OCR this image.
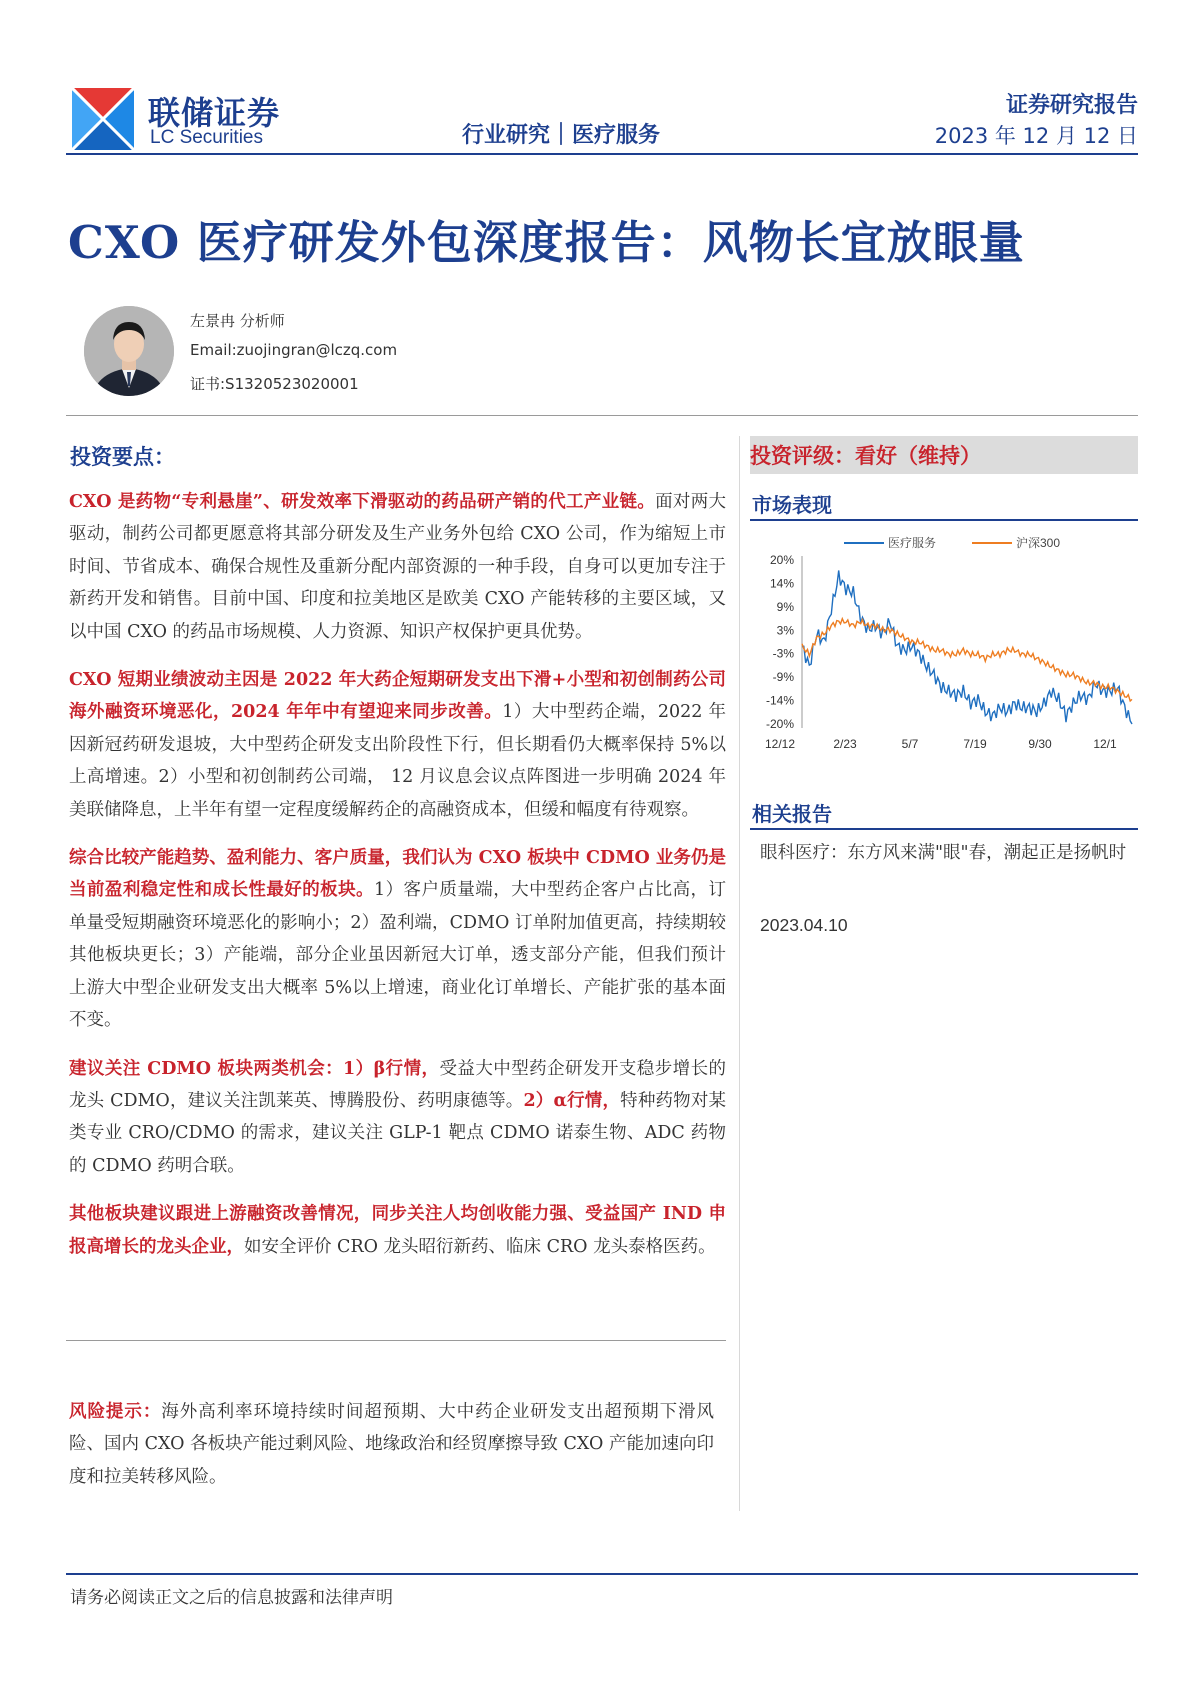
联储证券
LC Securities	行业研究｜医疗服务
证券研究报告
2023 年 12 月 12 日
CXO 医疗研发外包深度报告：风物长宜放眼量
左景冉 分析师
Email:zuojingran@lczq.com
证书:S1320523020001
投资要点：

CXO 是药物“专利悬崖”、研发效率下滑驱动的药品研产销的代工产业链。面对两大驱动，制药公司都更愿意将其部分研发及生产业务外包给 CXO 公司，作为缩短上市时间、节省成本、确保合规性及重新分配内部资源的一种手段，自身可以更加专注于新药开发和销售。目前中国、印度和拉美地区是欧美 CXO 产能转移的主要区域，又以中国 CXO 的药品市场规模、人力资源、知识产权保护更具优势。

CXO 短期业绩波动主因是 2022 年大药企短期研发支出下滑+小型和初创制药公司海外融资环境恶化，2024 年年中有望迎来同步改善。1）大中型药企端，2022 年因新冠药研发退坡，大中型药企研发支出阶段性下行，但长期看仍大概率保持 5%以上高增速。2）小型和初创制药公司端， 12 月议息会议点阵图进一步明确 2024 年美联储降息，上半年有望一定程度缓解药企的高融资成本，但缓和幅度有待观察。

综合比较产能趋势、盈利能力、客户质量，我们认为 CXO 板块中 CDMO 业务仍是当前盈利稳定性和成长性最好的板块。1）客户质量端，大中型药企客户占比高，订单量受短期融资环境恶化的影响小；2）盈利端，CDMO 订单附加值更高，持续期较其他板块更长；3）产能端，部分企业虽因新冠大订单，透支部分产能，但我们预计上游大中型企业研发支出大概率 5%以上增速，商业化订单增长、产能扩张的基本面不变。

建议关注 CDMO 板块两类机会：1）β行情，受益大中型药企研发开支稳步增长的龙头 CDMO，建议关注凯莱英、博腾股份、药明康德等。2）α行情，特种药物对某类专业 CRO/CDMO 的需求，建议关注 GLP-1 靶点 CDMO 诺泰生物、ADC 药物的 CDMO 药明合联。

其他板块建议跟进上游融资改善情况，同步关注人均创收能力强、受益国产 IND 申报高增长的龙头企业，如安全评价 CRO 龙头昭衍新药、临床 CRO 龙头泰格医药。

风险提示：海外高利率环境持续时间超预期、大中药企业研发支出超预期下滑风险、国内 CXO 各板块产能过剩风险、地缘政治和经贸摩擦导致 CXO 产能加速向印度和拉美转移风险。

投资评级：看好（维持）
市场表现
医疗服务	沪深300
20%
14%
9%
3%
-3%
-9%
-14%
-20%
12/12	2/23	5/7	7/19	9/30	12/1
相关报告
眼科医疗：东方风来满"眼"春，潮起正是扬帆时
2023.04.10
请务必阅读正文之后的信息披露和法律声明
